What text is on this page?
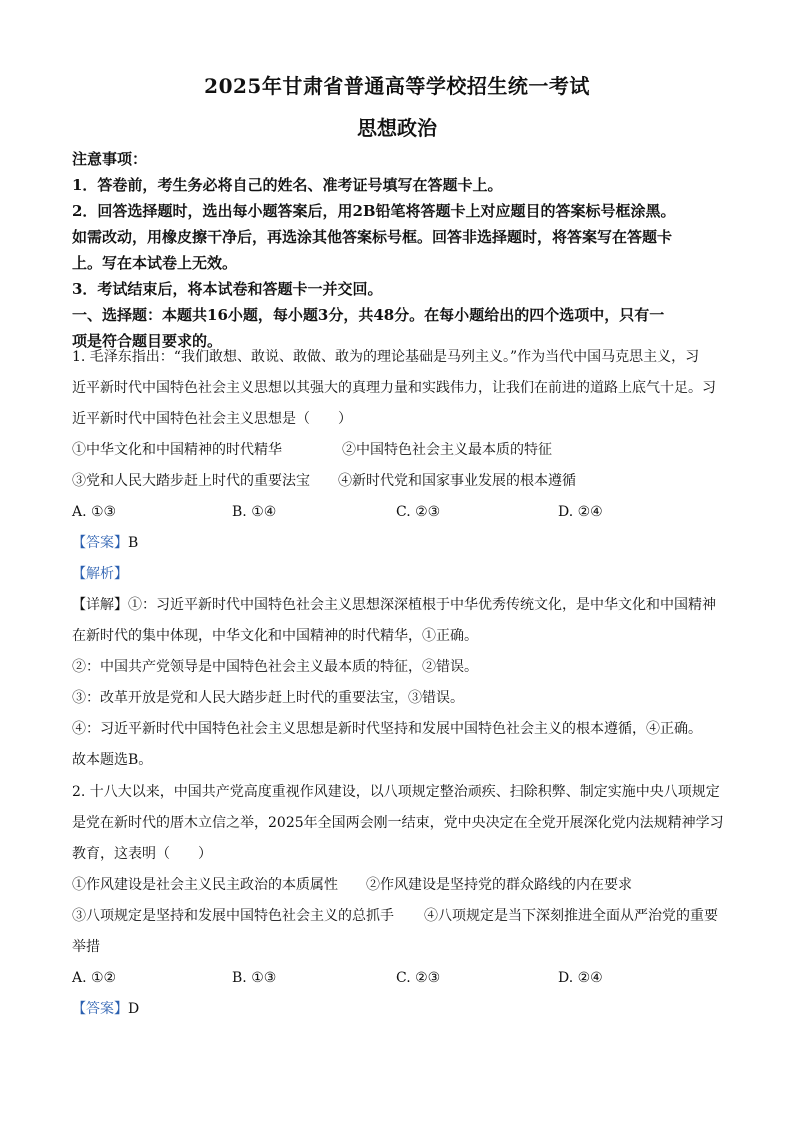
2025年甘肃省普通高等学校招生统一考试
思想政治
注意事项：
1．答卷前，考生务必将自己的姓名、准考证号填写在答题卡上。
2．回答选择题时，选出每小题答案后，用2B铅笔将答题卡上对应题目的答案标号框涂黑。
如需改动，用橡皮擦干净后，再选涂其他答案标号框。回答非选择题时，将答案写在答题卡
上。写在本试卷上无效。
3．考试结束后，将本试卷和答题卡一并交回。
一、选择题：本题共16小题，每小题3分，共48分。在每小题给出的四个选项中，只有一
项是符合题目要求的。
1. 毛泽东指出：“我们敢想、敢说、敢做、敢为的理论基础是马列主义。”作为当代中国马克思主义，习
近平新时代中国特色社会主义思想以其强大的真理力量和实践伟力，让我们在前进的道路上底气十足。习
近平新时代中国特色社会主义思想是（　　）
①中华文化和中国精神的时代精华	②中国特色社会主义最本质的特征
③党和人民大踏步赶上时代的重要法宝 ④新时代党和国家事业发展的根本遵循
A. ①③	B. ①④	C. ②③	D. ②④
【答案】B
【解析】
【详解】①：习近平新时代中国特色社会主义思想深深植根于中华优秀传统文化，是中华文化和中国精神
在新时代的集中体现，中华文化和中国精神的时代精华，①正确。
②：中国共产党领导是中国特色社会主义最本质的特征，②错误。
③：改革开放是党和人民大踏步赶上时代的重要法宝，③错误。
④：习近平新时代中国特色社会主义思想是新时代坚持和发展中国特色社会主义的根本遵循，④正确。
故本题选B。
2. 十八大以来，中国共产党高度重视作风建设，以八项规定整治顽疾、扫除积弊、制定实施中央八项规定
是党在新时代的厝木立信之举，2025年全国两会刚一结束，党中央决定在全党开展深化党内法规精神学习
教育，这表明（　　）
①作风建设是社会主义民主政治的本质属性 ②作风建设是坚持党的群众路线的内在要求
③八项规定是坚持和发展中国特色社会主义的总抓手 ④八项规定是当下深刻推进全面从严治党的重要
举措
A. ①②	B. ①③	C. ②③	D. ②④
【答案】D
